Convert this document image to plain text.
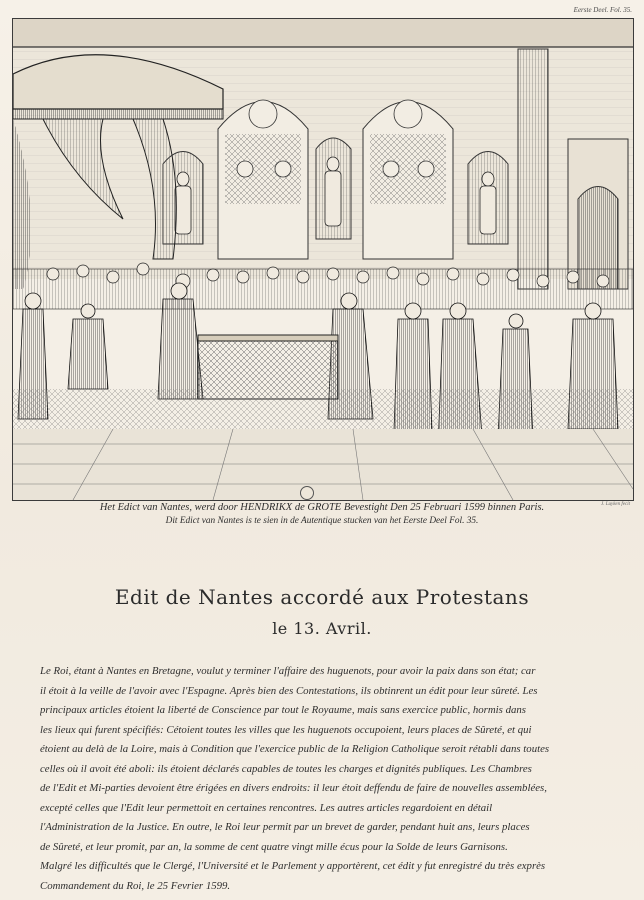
Eerste Deel. Fol. 35.
Het Edict van Nantes, werd door HENDRIKX de GROTE Bevestight Den 25 Februari 1599 binnen Paris.
Dit Edict van Nantes is te sien in de Autentique stucken van het Eerste Deel Fol. 35.
J. Luyken fecit
Edit de Nantes accordé aux Protestans
le 13. Avril.
Le Roi, étant à Nantes en Bretagne, voulut y terminer l'affaire des huguenots, pour avoir la paix dans son état; car
il étoit à la veille de l'avoir avec l'Espagne. Après bien des Contestations, ils obtinrent un édit pour leur sûreté. Les
principaux articles étoient la liberté de Conscience par tout le Royaume, mais sans exercice public, hormis dans
les lieux qui furent spécifiés: Cétoient toutes les villes que les huguenots occupoient, leurs places de Sûreté, et qui
étoient au delà de la Loire, mais à Condition que l'exercice public de la Religion Catholique seroit rétabli dans toutes
celles où il avoit été aboli: ils étoient déclarés capables de toutes les charges et dignités publiques. Les Chambres
de l'Edit et Mi-parties devoient être érigées en divers endroits: il leur étoit deffendu de faire de nouvelles assemblées,
excepté celles que l'Edit leur permettoit en certaines rencontres. Les autres articles regardoient en détail
l'Administration de la Justice. En outre, le Roi leur permit par un brevet de garder, pendant huit ans, leurs places
de Sûreté, et leur promit, par an, la somme de cent quatre vingt mille écus pour la Solde de leurs Garnisons.
Malgré les difficultés que le Clergé, l'Université et le Parlement y apportèrent, cet édit y fut enregistré du très exprès
Commandement du Roi, le 25 Fevrier 1599.
